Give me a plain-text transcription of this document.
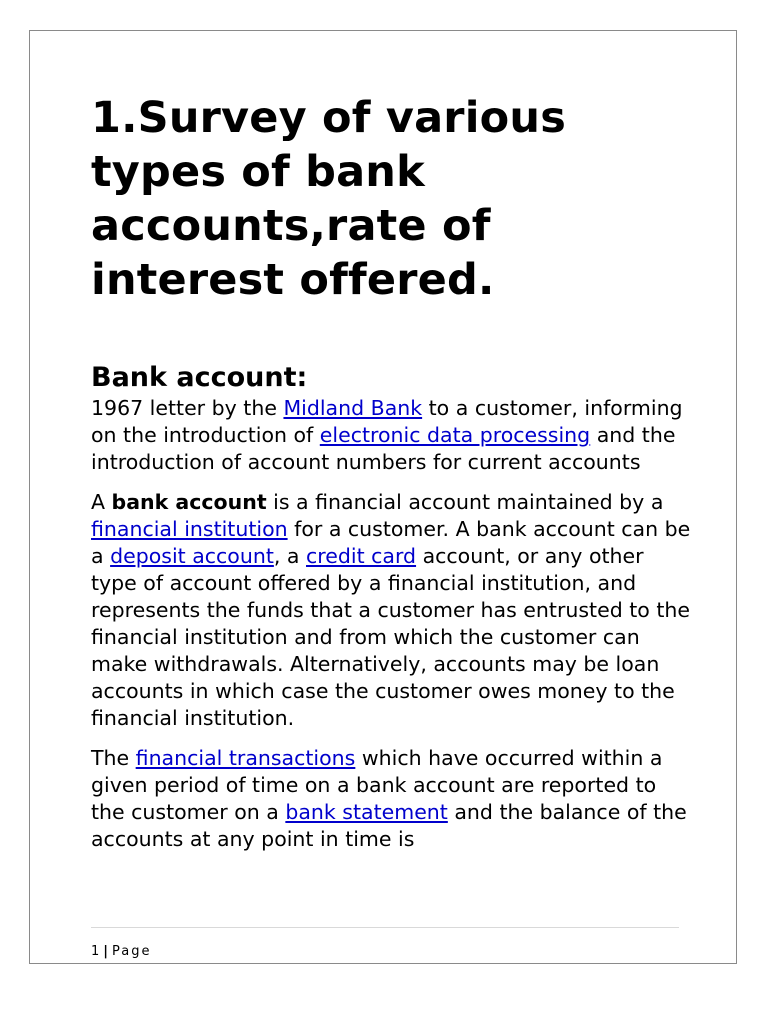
1.Survey of various types of bank accounts,rate of interest offered.
Bank account:

1967 letter by the Midland Bank to a customer, informing on the introduction of electronic data processing and the introduction of account numbers for current accounts

A bank account is a financial account maintained by a financial institution for a customer. A bank account can be a deposit account, a credit card account, or any other type of account offered by a financial institution, and represents the funds that a customer has entrusted to the financial institution and from which the customer can make withdrawals. Alternatively, accounts may be loan accounts in which case the customer owes money to the financial institution.

The financial transactions which have occurred within a given period of time on a bank account are reported to the customer on a bank statement and the balance of the accounts at any point in time is

1 | Page
